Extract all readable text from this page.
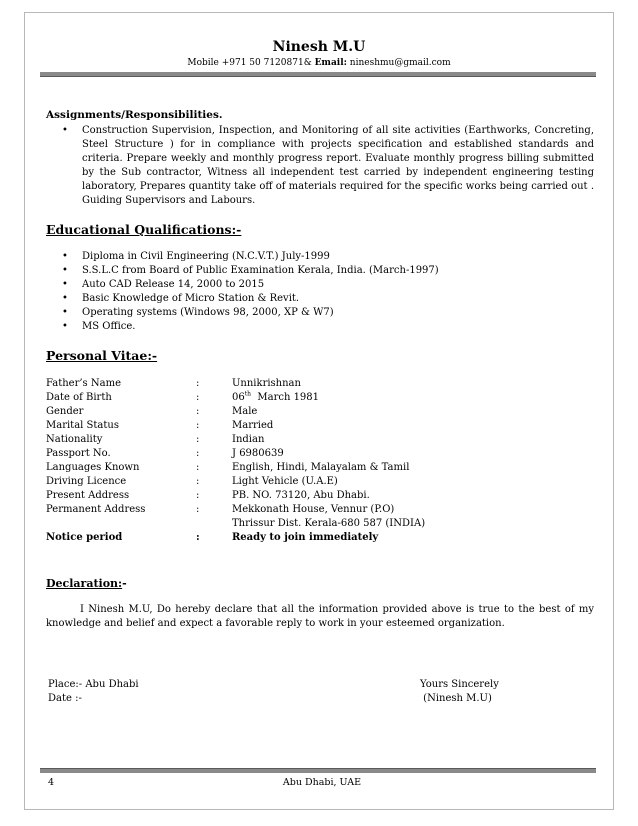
Ninesh M.U
Mobile +971 50 7120871& Email: nineshmu@gmail.com
Assignments/Responsibilities.
• Construction Supervision, Inspection, and Monitoring of all site activities (Earthworks, Concreting, Steel Structure ) for in compliance with projects specification and established standards and criteria. Prepare weekly and monthly progress report. Evaluate monthly progress billing submitted by the Sub contractor, Witness all independent test carried by independent engineering testing laboratory, Prepares quantity take off of materials required for the specific works being carried out . Guiding Supervisors and Labours.
Educational Qualifications:-
• Diploma in Civil Engineering (N.C.V.T.) July-1999
• S.S.L.C from Board of Public Examination Kerala, India. (March-1997)
• Auto CAD Release 14, 2000 to 2015
• Basic Knowledge of Micro Station & Revit.
• Operating systems (Windows 98, 2000, XP & W7)
• MS Office.
Personal Vitae:-
Father’s Name	:	Unnikrishnan
Date of Birth	:	06th  March 1981
Gender	:	Male
Marital Status	:	Married
Nationality	:	Indian
Passport No.	:	J 6980639
Languages Known	:	English, Hindi, Malayalam & Tamil
Driving Licence	:	Light Vehicle (U.A.E)
Present Address	:	PB. NO. 73120, Abu Dhabi.
Permanent Address	:	Mekkonath House, Vennur (P.O)
Thrissur Dist. Kerala-680 587 (INDIA)
Notice period	:	Ready to join immediately
Declaration:-
I Ninesh M.U, Do hereby declare that all the information provided above is true to the best of my knowledge and belief and expect a favorable reply to work in your esteemed organization.
Place:- Abu Dhabi
Date :-
Yours Sincerely
(Ninesh M.U)
Abu Dhabi, UAE
4
